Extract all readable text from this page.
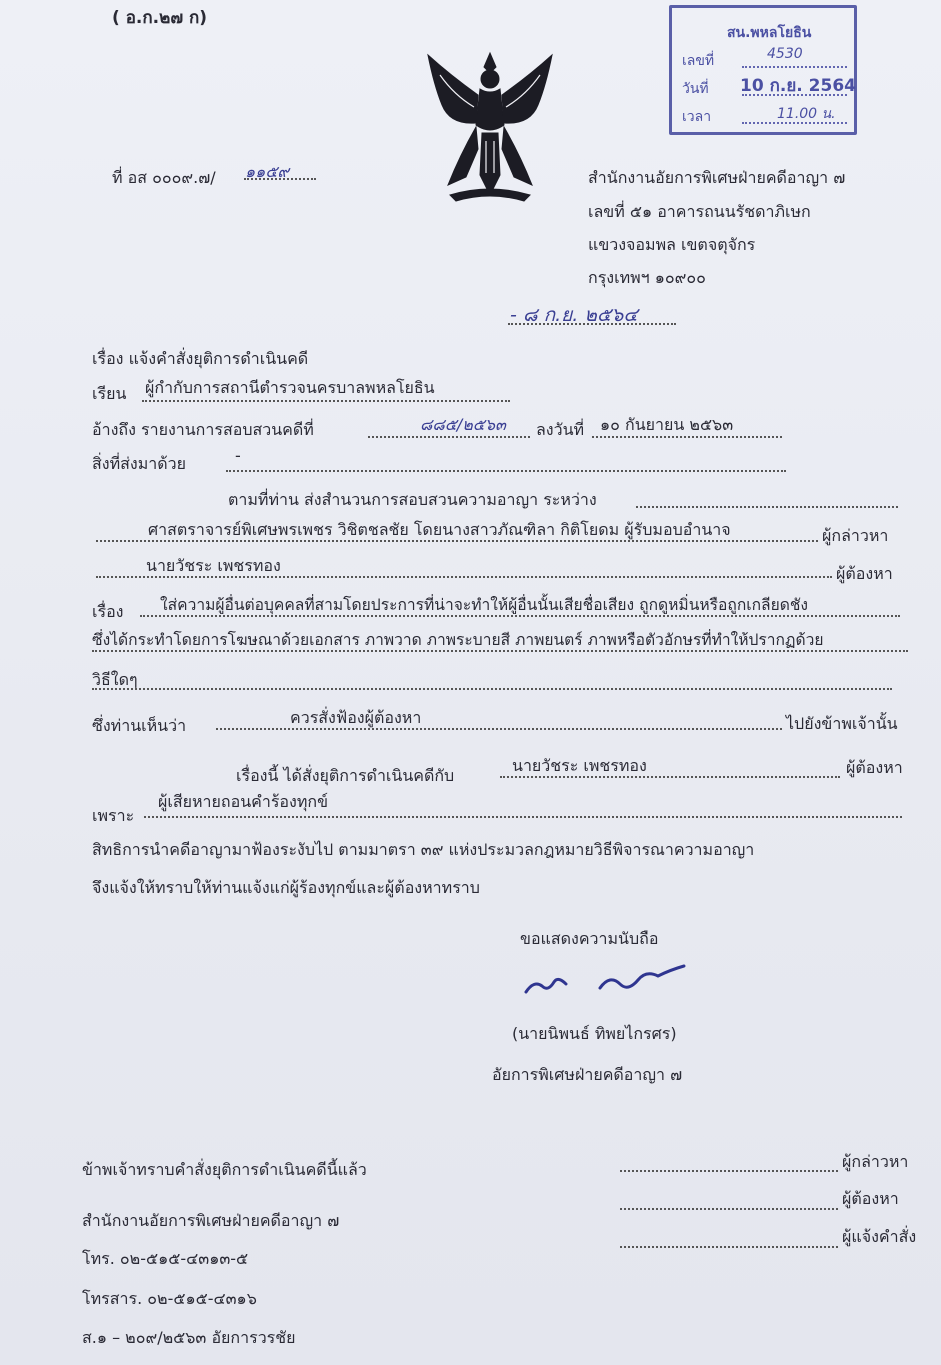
( อ.ก.๒๗ ก)
สน.พหลโยธิน
เลขที่	4530
วันที่ 10 ก.ย. 2564
เวลา	11.00 น.
ที่ อส ๐๐๐๙.๗/ ๑๑๕๙	สำนักงานอัยการพิเศษฝ่ายคดีอาญา ๗
เลขที่ ๕๑ อาคารถนนรัชดาภิเษก
แขวงจอมพล เขตจตุจักร
กรุงเทพฯ ๑๐๙๐๐
- ๘ ก.ย. ๒๕๖๔
เรื่อง แจ้งคำสั่งยุติการดำเนินคดี
เรียน ผู้กำกับการสถานีตำรวจนครบาลพหลโยธิน
อ้างถึง รายงานการสอบสวนคดีที่	๘๘๕/๒๕๖๓ ลงวันที่ ๑๐ กันยายน ๒๕๖๓
สิ่งที่ส่งมาด้วย	-
ตามที่ท่าน ส่งสำนวนการสอบสวนความอาญา ระหว่าง
ศาสตราจารย์พิเศษพรเพชร วิชิตชลชัย โดยนางสาวภัณฑิลา กิติโยดม ผู้รับมอบอำนาจ	ผู้กล่าวหา
นายวัชระ เพชรทอง	ผู้ต้องหา
เรื่อง ใส่ความผู้อื่นต่อบุคคลที่สามโดยประการที่น่าจะทำให้ผู้อื่นนั้นเสียชื่อเสียง ถูกดูหมิ่นหรือถูกเกลียดชัง
ซึ่งได้กระทำโดยการโฆษณาด้วยเอกสาร ภาพวาด ภาพระบายสี ภาพยนตร์ ภาพหรือตัวอักษรที่ทำให้ปรากฏด้วย
วิธีใดๆ
ซึ่งท่านเห็นว่า	ควรสั่งฟ้องผู้ต้องหา	ไปยังข้าพเจ้านั้น
เรื่องนี้ ได้สั่งยุติการดำเนินคดีกับ
นายวัชระ เพชรทอง	ผู้ต้องหา
เพราะ
ผู้เสียหายถอนคำร้องทุกข์
สิทธิการนำคดีอาญามาฟ้องระงับไป ตามมาตรา ๓๙ แห่งประมวลกฎหมายวิธีพิจารณาความอาญา
จึงแจ้งให้ทราบให้ท่านแจ้งแก่ผู้ร้องทุกข์และผู้ต้องหาทราบ
ขอแสดงความนับถือ
(นายนิพนธ์ ทิพยไกรศร)
อัยการพิเศษฝ่ายคดีอาญา ๗
ข้าพเจ้าทราบคำสั่งยุติการดำเนินคดีนี้แล้ว	ผู้กล่าวหา
ผู้ต้องหา
ผู้แจ้งคำสั่ง
สำนักงานอัยการพิเศษฝ่ายคดีอาญา ๗
โทร. ๐๒-๕๑๕-๔๓๑๓-๕
โทรสาร. ๐๒-๕๑๕-๔๓๑๖
ส.๑ – ๒๐๙/๒๕๖๓ อัยการวรชัย
